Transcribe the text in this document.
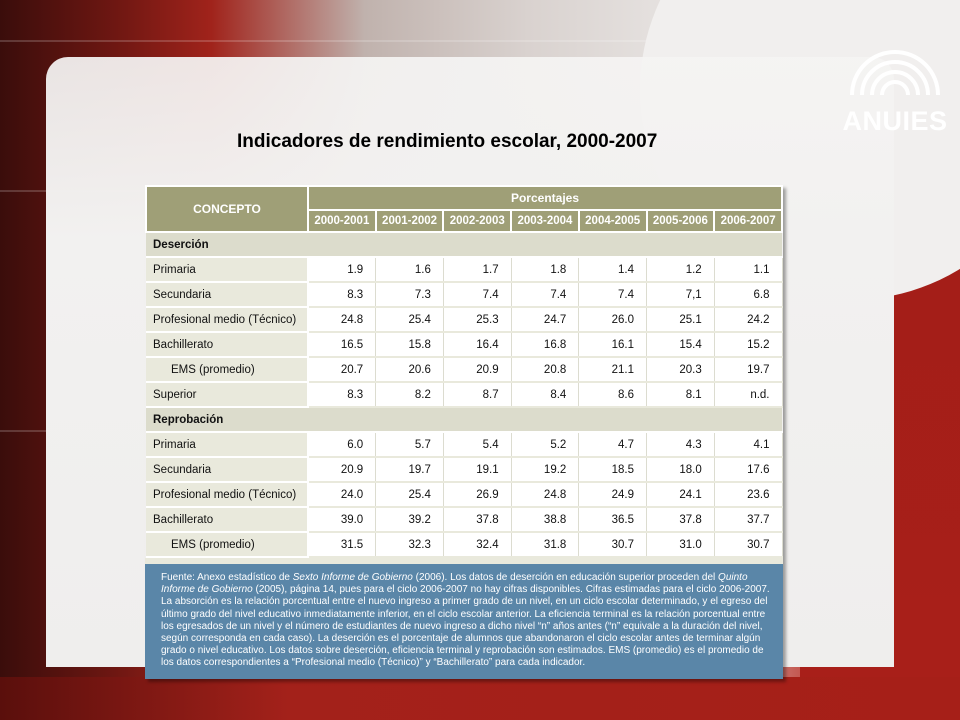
ANUIES
Indicadores de rendimiento escolar, 2000-2007
CONCEPTO	Porcentajes						
	2000-2001	2001-2002	2002-2003	2003-2004	2004-2005	2005-2006	2006-2007
Deserción							
Primaria	1.9	1.6	1.7	1.8	1.4	1.2	1.1
Secundaria	8.3	7.3	7.4	7.4	7.4	7,1	6.8
Profesional medio (Técnico)	24.8	25.4	25.3	24.7	26.0	25.1	24.2
Bachillerato	16.5	15.8	16.4	16.8	16.1	15.4	15.2
EMS (promedio)	20.7	20.6	20.9	20.8	21.1	20.3	19.7
Superior	8.3	8.2	8.7	8.4	8.6	8.1	n.d.
Reprobación							
Primaria	6.0	5.7	5.4	5.2	4.7	4.3	4.1
Secundaria	20.9	19.7	19.1	19.2	18.5	18.0	17.6
Profesional medio (Técnico)	24.0	25.4	26.9	24.8	24.9	24.1	23.6
Bachillerato	39.0	39.2	37.8	38.8	36.5	37.8	37.7
EMS (promedio)	31.5	32.3	32.4	31.8	30.7	31.0	30.7
Fuente: Anexo estadístico de Sexto Informe de Gobierno (2006). Los datos de deserción en educación superior proceden del Quinto Informe de Gobierno (2005), página 14, pues para el ciclo 2006-2007 no hay cifras disponibles. Cifras estimadas para el ciclo 2006-2007. La absorción es la relación porcentual entre el nuevo ingreso a primer grado de un nivel, en un ciclo escolar determinado, y el egreso del último grado del nivel educativo inmediatamente inferior, en el ciclo escolar anterior. La eficiencia terminal es la relación porcentual entre los egresados de un nivel y el número de estudiantes de nuevo ingreso a dicho nivel “n” años antes (“n” equivale a la duración del nivel, según corresponda en cada caso). La deserción es el porcentaje de alumnos que abandonaron el ciclo escolar antes de terminar algún grado o nivel educativo. Los datos sobre deserción, eficiencia terminal y reprobación son estimados. EMS (promedio) es el promedio de los datos correspondientes a “Profesional medio (Técnico)” y “Bachillerato” para cada indicador.
